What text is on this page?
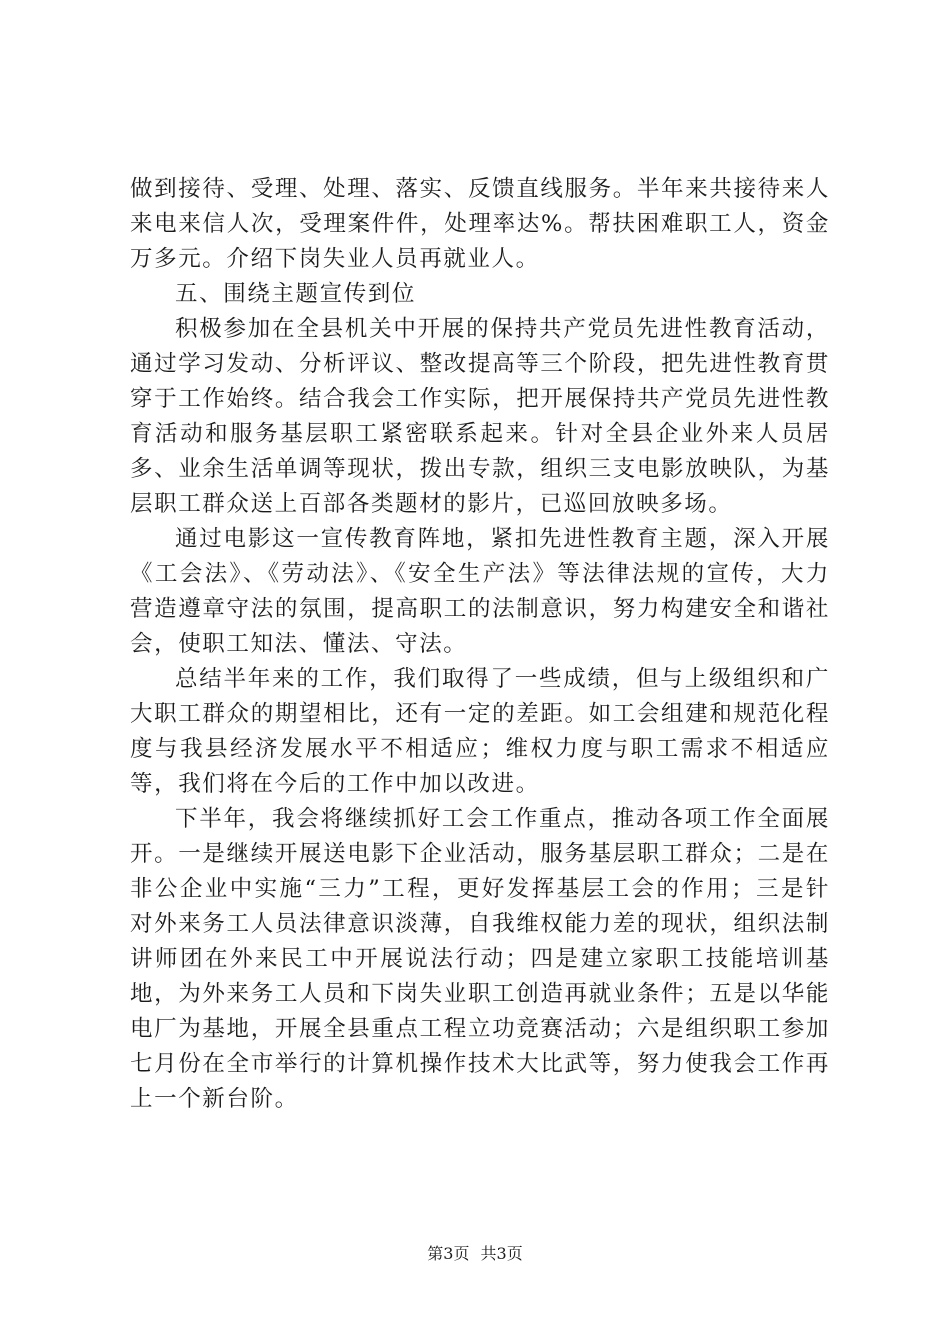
做到接待、受理、处理、落实、反馈直线服务。半年来共接待来人来电来信人次，受理案件件，处理率达%。帮扶困难职工人，资金万多元。介绍下岗失业人员再就业人。

五、围绕主题宣传到位

积极参加在全县机关中开展的保持共产党员先进性教育活动，通过学习发动、分析评议、整改提高等三个阶段，把先进性教育贯穿于工作始终。结合我会工作实际，把开展保持共产党员先进性教育活动和服务基层职工紧密联系起来。针对全县企业外来人员居多、业余生活单调等现状，拨出专款，组织三支电影放映队，为基层职工群众送上百部各类题材的影片，已巡回放映多场。

通过电影这一宣传教育阵地，紧扣先进性教育主题，深入开展《工会法》、《劳动法》、《安全生产法》等法律法规的宣传，大力营造遵章守法的氛围，提高职工的法制意识，努力构建安全和谐社会，使职工知法、懂法、守法。

总结半年来的工作，我们取得了一些成绩，但与上级组织和广大职工群众的期望相比，还有一定的差距。如工会组建和规范化程度与我县经济发展水平不相适应；维权力度与职工需求不相适应等，我们将在今后的工作中加以改进。

下半年，我会将继续抓好工会工作重点，推动各项工作全面展开。一是继续开展送电影下企业活动，服务基层职工群众；二是在非公企业中实施“三力”工程，更好发挥基层工会的作用；三是针对外来务工人员法律意识淡薄，自我维权能力差的现状，组织法制讲师团在外来民工中开展说法行动；四是建立家职工技能培训基地，为外来务工人员和下岗失业职工创造再就业条件；五是以华能电厂为基地，开展全县重点工程立功竞赛活动；六是组织职工参加七月份在全市举行的计算机操作技术大比武等，努力使我会工作再上一个新台阶。

第3页 共3页
